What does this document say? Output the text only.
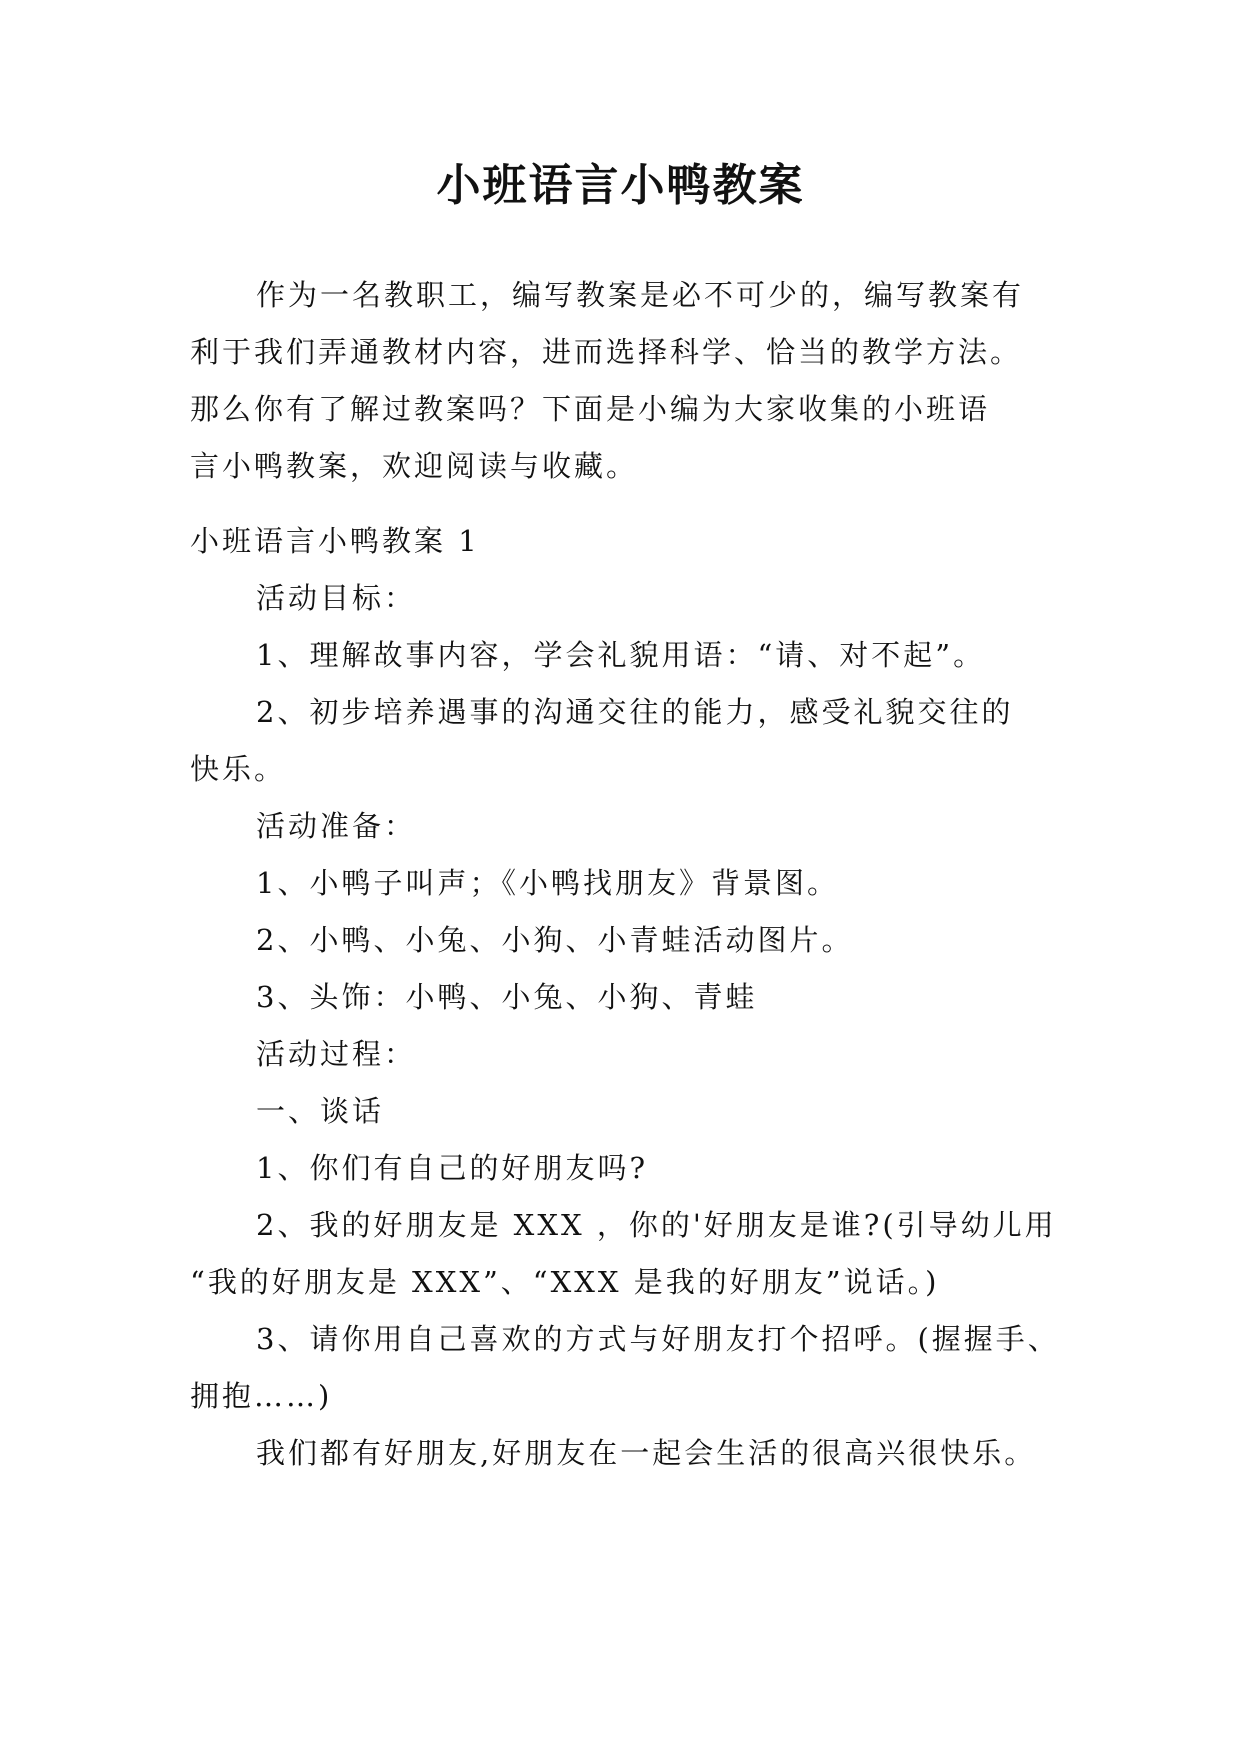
小班语言小鸭教案
作为一名教职工，编写教案是必不可少的，编写教案有
利于我们弄通教材内容，进而选择科学、恰当的教学方法。
那么你有了解过教案吗？下面是小编为大家收集的小班语
言小鸭教案，欢迎阅读与收藏。
小班语言小鸭教案 1
活动目标：
1、理解故事内容，学会礼貌用语：“请、对不起”。
2、初步培养遇事的沟通交往的能力，感受礼貌交往的
快乐。
活动准备：
1、小鸭子叫声；《小鸭找朋友》背景图。
2、小鸭、小兔、小狗、小青蛙活动图片。
3、头饰：小鸭、小兔、小狗、青蛙
活动过程：
一、谈话
1、你们有自己的好朋友吗?
2、我的好朋友是 XXX ，你的'好朋友是谁?(引导幼儿用
“我的好朋友是 XXX”、“XXX 是我的好朋友”说话。)
3、请你用自己喜欢的方式与好朋友打个招呼。(握握手、
拥抱……)
我们都有好朋友,好朋友在一起会生活的很高兴很快乐。
